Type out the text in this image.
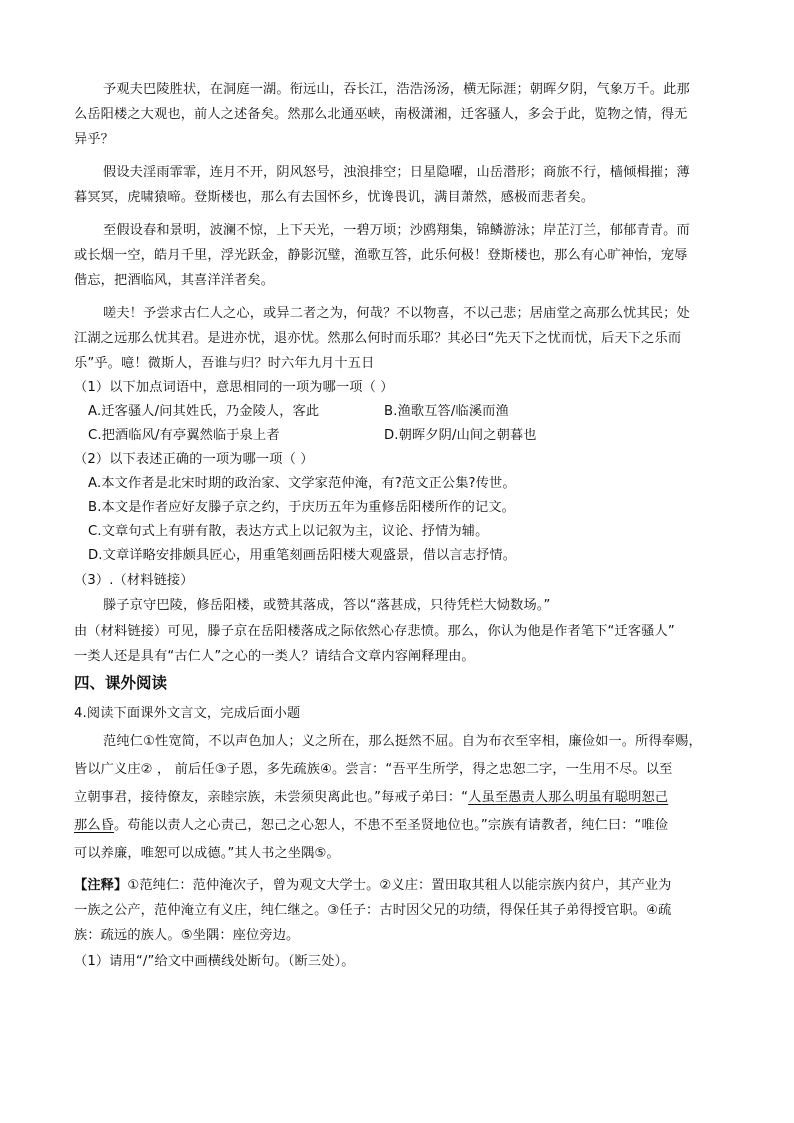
予观夫巴陵胜状，在洞庭一湖。衔远山，吞长江，浩浩汤汤，横无际涯；朝晖夕阴，气象万千。此那
么岳阳楼之大观也，前人之述备矣。然那么北通巫峡，南极潇湘，迁客骚人，多会于此，览物之情，得无
异乎？
假设夫淫雨霏霏，连月不开，阴风怒号，浊浪排空；日星隐曜，山岳潜形；商旅不行，樯倾楫摧；薄
暮冥冥，虎啸猿啼。登斯楼也，那么有去国怀乡，忧谗畏讥，满目萧然，感极而悲者矣。
至假设春和景明，波澜不惊，上下天光，一碧万顷；沙鸥翔集，锦鳞游泳；岸芷汀兰，郁郁青青。而
或长烟一空，皓月千里，浮光跃金，静影沉璧，渔歌互答，此乐何极！登斯楼也，那么有心旷神怡，宠辱
偕忘，把酒临风，其喜洋洋者矣。
嗟夫！予尝求古仁人之心，或异二者之为，何哉？不以物喜，不以己悲；居庙堂之高那么忧其民；处
江湖之远那么忧其君。是进亦忧，退亦忧。然那么何时而乐耶？其必曰“先天下之忧而忧，后天下之乐而
乐”乎。噫！微斯人，吾谁与归？时六年九月十五日
（1）以下加点词语中，意思相同的一项为哪一项（ ）
A.迁客骚人/问其姓氏，乃金陵人，客此	B.渔歌互答/临溪而渔
C.把酒临风/有亭翼然临于泉上者	D.朝晖夕阴/山间之朝暮也
（2）以下表述正确的一项为哪一项（ ）
A.本文作者是北宋时期的政治家、文学家范仲淹，有?范文正公集?传世。
B.本文是作者应好友滕子京之约，于庆历五年为重修岳阳楼所作的记文。
C.文章句式上有骈有散，表达方式上以记叙为主，议论、抒情为辅。
D.文章详略安排颇具匠心，用重笔刻画岳阳楼大观盛景，借以言志抒情。
（3）.（材料链接）
滕子京守巴陵，修岳阳楼，或赞其落成，答以“落甚成，只待凭栏大恸数场。”
由（材料链接）可见，滕子京在岳阳楼落成之际依然心存悲愤。那么，你认为他是作者笔下“迁客骚人”
一类人还是具有“古仁人”之心的一类人？请结合文章内容阐释理由。
四、课外阅读
4.阅读下面课外文言文，完成后面小题
范纯仁①性宽简，不以声色加人；义之所在，那么挺然不屈。自为布衣至宰相，廉俭如一。所得奉赐，
皆以广义庄② ， 前后任③子恩，多先疏族④。尝言：“吾平生所学，得之忠恕二字，一生用不尽。以至
立朝事君，接待僚友，亲睦宗族，未尝须臾离此也。”每戒子弟曰：“人虽至愚责人那么明虽有聪明恕己
那么昏。苟能以责人之心责己，恕己之心恕人，不患不至圣贤地位也。”宗族有请教者，纯仁曰：“唯俭
可以养廉，唯恕可以成德。”其人书之坐隅⑤。
【注释】①范纯仁：范仲淹次子，曾为观文大学士。②义庄：置田取其租人以能宗族内贫户，其产业为
一族之公产，范仲淹立有义庄，纯仁继之。③任子：古时因父兄的功绩，得保任其子弟得授官职。④疏
族：疏远的族人。⑤坐隅：座位旁边。
（1）请用“/”给文中画横线处断句。（断三处）。
